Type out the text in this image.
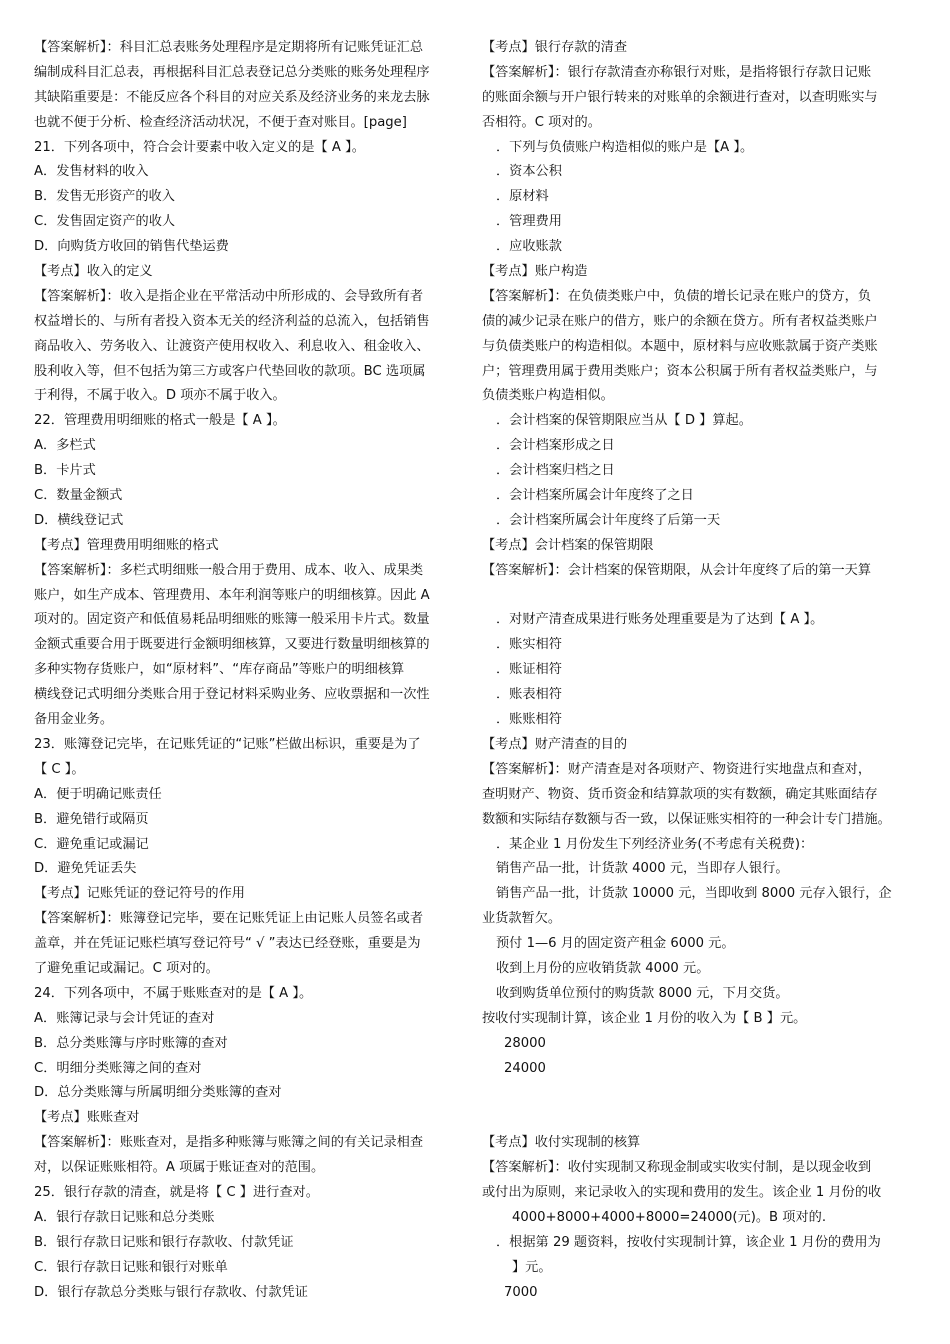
【答案解析】：科目汇总表账务处理程序是定期将所有记账凭证汇总
编制成科目汇总表，再根据科目汇总表登记总分类账的账务处理程序
其缺陷重要是：不能反应各个科目的对应关系及经济业务的来龙去脉
也就不便于分析、检查经济活动状况，不便于查对账目。[page]
21．下列各项中，符合会计要素中收入定义的是【 A 】。
A．发售材料的收入
B．发售无形资产的收入
C．发售固定资产的收人
D．向购货方收回的销售代垫运费
【考点】收入的定义
【答案解析】：收入是指企业在平常活动中所形成的、会导致所有者
权益增长的、与所有者投入资本无关的经济利益的总流入，包括销售
商品收入、劳务收入、让渡资产使用权收入、利息收入、租金收入、
股利收入等，但不包括为第三方或客户代垫回收的款项。BC 选项属
于利得，不属于收入。D 项亦不属于收入。
22．管理费用明细账的格式一般是【 A 】。
A．多栏式
B．卡片式
C．数量金额式
D．横线登记式
【考点】管理费用明细账的格式
【答案解析】：多栏式明细账一般合用于费用、成本、收入、成果类
账户，如生产成本、管理费用、本年利润等账户的明细核算。因此 A
项对的。固定资产和低值易耗品明细账的账簿一般采用卡片式。数量
金额式重要合用于既要进行金额明细核算，又要进行数量明细核算的
多种实物存货账户，如“原材料”、“库存商品”等账户的明细核算
横线登记式明细分类账合用于登记材料采购业务、应收票据和一次性
备用金业务。
23．账簿登记完毕，在记账凭证的“记账”栏做出标识，重要是为了
【 C 】。
A．便于明确记账责任
B．避免错行或隔页
C．避免重记或漏记
D．避免凭证丢失
【考点】记账凭证的登记符号的作用
【答案解析】：账簿登记完毕，要在记账凭证上由记账人员签名或者
盖章，并在凭证记账栏填写登记符号“ √ ”表达已经登账，重要是为
了避免重记或漏记。C 项对的。
24．下列各项中，不属于账账查对的是【 A 】。
A．账簿记录与会计凭证的查对
B．总分类账簿与序时账簿的查对
C．明细分类账簿之间的查对
D．总分类账簿与所属明细分类账簿的查对
【考点】账账查对
【答案解析】：账账查对，是指多种账簿与账簿之间的有关记录相查
对，以保证账账相符。A 项属于账证查对的范围。
25．银行存款的清查，就是将【 C 】进行查对。
A．银行存款日记账和总分类账
B．银行存款日记账和银行存款收、付款凭证
C．银行存款日记账和银行对账单
D．银行存款总分类账与银行存款收、付款凭证
【考点】银行存款的清查
【答案解析】：银行存款清查亦称银行对账，是指将银行存款日记账
的账面余额与开户银行转来的对账单的余额进行查对，以查明账实与
否相符。C 项对的。
．下列与负债账户构造相似的账户是【A 】。
．资本公积
．原材料
．管理费用
．应收账款
【考点】账户构造
【答案解析】：在负债类账户中，负债的增长记录在账户的贷方，负
债的减少记录在账户的借方，账户的余额在贷方。所有者权益类账户
与负债类账户的构造相似。本题中，原材料与应收账款属于资产类账
户；管理费用属于费用类账户；资本公积属于所有者权益类账户，与
负债类账户构造相似。
．会计档案的保管期限应当从【 D 】算起。
．会计档案形成之日
．会计档案归档之日
．会计档案所属会计年度终了之日
．会计档案所属会计年度终了后第一天
【考点】会计档案的保管期限
【答案解析】：会计档案的保管期限，从会计年度终了后的第一天算
．对财产清查成果进行账务处理重要是为了达到【 A 】。
．账实相符
．账证相符
．账表相符
．账账相符
【考点】财产清查的目的
【答案解析】：财产清查是对各项财产、物资进行实地盘点和查对，
查明财产、物资、货币资金和结算款项的实有数额，确定其账面结存
数额和实际结存数额与否一致，以保证账实相符的一种会计专门措施。
．某企业 1 月份发生下列经济业务(不考虑有关税费)：
销售产品一批，计货款 4000 元，当即存人银行。
销售产品一批，计货款 10000 元，当即收到 8000 元存入银行，企
业货款暂欠。
预付 1—6 月的固定资产租金 6000 元。
收到上月份的应收销货款 4000 元。
收到购货单位预付的购货款 8000 元，下月交货。
按收付实现制计算，该企业 1 月份的收入为【 B 】元。
28000
24000
【考点】收付实现制的核算
【答案解析】：收付实现制又称现金制或实收实付制，是以现金收到
或付出为原则，来记录收入的实现和费用的发生。该企业 1 月份的收
4000+8000+4000+8000=24000(元)。B 项对的.
．根据第 29 题资料，按收付实现制计算，该企业 1 月份的费用为
】元。
7000
